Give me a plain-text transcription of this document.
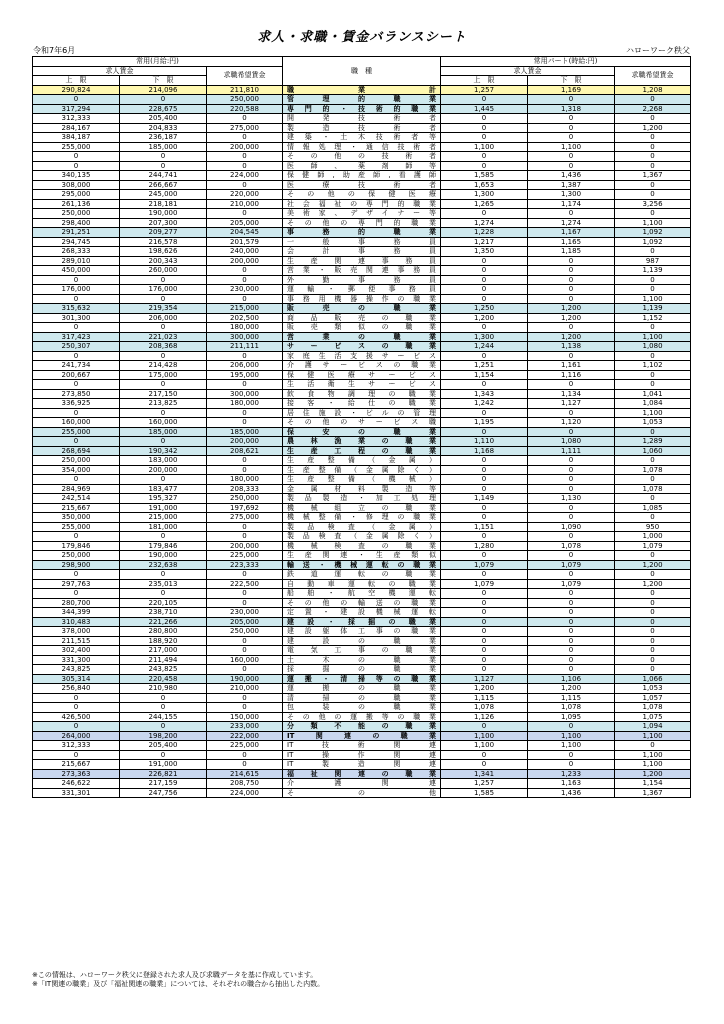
求人・求職・賃金バランスシート
令和7年6月	ハローワーク秩父
常用(月給:円)			職　種	常用パート(時給:円)		
求人賃金		求職希望賃金		求人賃金		求職希望賃金
上　限	下　限			上　限	下　限	
290,824	214,096	211,810	職業計	1,257	1,169	1,208
0	0	250,000	管理的職業	0	0	0
317,294	228,675	220,588	専門的・技術的職業	1,445	1,318	2,268
312,333	205,400	0	開発技術者	0	0	0
284,167	204,833	275,000	製造技術者	0	0	1,200
384,187	236,187	0	建築・土木技術者等	0	0	0
255,000	185,000	200,000	情報処理・通信技術者	1,100	1,100	0
0	0	0	その他の技術者	0	0	0
0	0	0	医師、薬剤師等	0	0	0
340,135	244,741	224,000	保健師,助産師,看護師	1,585	1,436	1,367
308,000	266,667	0	医療技術者	1,653	1,387	0
295,000	245,000	220,000	その他の保健医療	1,300	1,300	0
261,136	218,181	210,000	社会福祉の専門的職業	1,265	1,174	3,256
250,000	190,000	0	美術家、デザイナー等	0	0	0
298,400	207,300	205,000	その他の専門的職業	1,274	1,274	1,100
291,251	209,277	204,545	事務的職業	1,228	1,167	1,092
294,745	216,578	201,579	一般事務員	1,217	1,165	1,092
268,333	198,626	240,000	会計事務員	1,350	1,185	0
289,010	200,343	200,000	生産関連事務員	0	0	987
450,000	260,000	0	営業・販売関連事務員	0	0	1,139
0	0	0	外勤事務員	0	0	0
176,000	176,000	230,000	運輸・郵便事務員	0	0	0
0	0	0	事務用機器操作の職業	0	0	1,100
315,632	219,354	215,000	販売の職業	1,250	1,200	1,139
301,300	206,000	202,500	商品販売の職業	1,200	1,200	1,152
0	0	180,000	販売類似の職業	0	0	0
317,423	221,023	300,000	営業の職業	1,300	1,200	1,100
250,307	208,368	211,111	サービスの職業	1,244	1,138	1,080
0	0	0	家庭生活支援サービス	0	0	0
241,734	214,428	206,000	介護サービスの職業	1,251	1,161	1,102
200,667	175,000	195,000	保健医療サービス	1,154	1,116	0
0	0	0	生活衛生サービス	0	0	0
273,850	217,150	300,000	飲食物調理の職業	1,343	1,134	1,041
336,925	213,825	180,000	接客・給仕の職業	1,242	1,127	1,084
0	0	0	居住施設・ビルの管理	0	0	1,100
160,000	160,000	0	その他のサービス職	1,195	1,120	1,053
255,000	185,000	185,000	保安の職業	0	0	0
0	0	200,000	農林漁業の職業	1,110	1,080	1,289
268,694	190,342	208,621	生産工程の職業	1,168	1,111	1,060
250,000	183,000	0	生産整備（金属）	0	0	0
354,000	200,000	0	生産整備（金属除く）	0	0	1,078
0	0	180,000	生産整備（機械）	0	0	0
284,969	183,477	208,333	金属材料製造等	0	0	1,078
242,514	195,327	250,000	製品製造・加工処理	1,149	1,130	0
215,667	191,000	197,692	機械組立の職業	0	0	1,085
350,000	215,000	275,000	機械整備・修理の職業	0	0	0
255,000	181,000	0	製品検査（金属）	1,151	1,090	950
0	0	0	製品検査（金属除く）	0	0	1,000
179,846	179,846	200,000	機械検査の職業	1,280	1,078	1,079
250,000	190,000	225,000	生産関連・生産類似	0	0	0
298,900	232,638	223,333	輸送・機械運転の職業	1,079	1,079	1,200
0	0	0	鉄道運転の職業	0	0	0
297,763	235,013	222,500	自動車運転の職業	1,079	1,079	1,200
0	0	0	船舶・航空機運転	0	0	0
280,700	220,105	0	その他の輸送の職業	0	0	0
344,399	238,710	230,000	定置・建設機械運転	0	0	0
310,483	221,266	205,000	建設・採掘の職業	0	0	0
378,000	280,800	250,000	建設躯体工事の職業	0	0	0
211,515	188,920	0	建設の職業	0	0	0
302,400	217,000	0	電気工事の職業	0	0	0
331,300	211,494	160,000	土木の職業	0	0	0
243,825	243,825	0	採掘の職業	0	0	0
305,314	220,458	190,000	運搬・清掃等の職業	1,127	1,106	1,066
256,840	210,980	210,000	運搬の職業	1,200	1,200	1,053
0	0	0	清掃の職業	1,115	1,115	1,057
0	0	0	包装の職業	1,078	1,078	1,078
426,500	244,155	150,000	その他の運搬等の職業	1,126	1,095	1,075
0	0	233,000	分類不能の職業	0	0	1,094
264,000	198,200	222,000	IT関連の職業	1,100	1,100	1,100
312,333	205,400	225,000	IT技術関連	1,100	1,100	0
0	0	0	IT操作関連	0	0	1,100
215,667	191,000	0	IT製造関連	0	0	1,100
273,363	226,821	214,615	福祉関連の職業	1,341	1,233	1,200
246,622	217,159	208,750	介護関連	1,257	1,163	1,154
331,301	247,756	224,000	その他	1,585	1,436	1,367
※この情報は、ハローワーク秩父に登録された求人及び求職データを基に作成しています。
※「IT関連の職業」及び「福祉関連の職業」については、それぞれの職合から抽出した内数。
